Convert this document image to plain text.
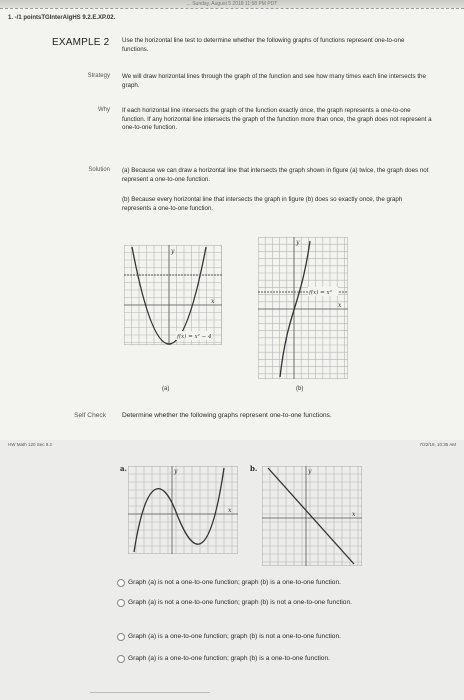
... Sunday, August 5 2018 11:58 PM PDT
1. -/1 pointsTGInterAlgHS 9.2.E.XP.02.
EXAMPLE 2 Use the horizontal line test to determine whether the following graphs of functions represent one-to-one functions.
Strategy We will draw horizontal lines through the graph of the function and see how many times each line intersects the graph.
Why If each horizontal line intersects the graph of the function exactly once, the graph represents a one-to-one function. If any horizontal line intersects the graph of the function more than once, the graph does not represent a one-to-one function.
Solution (a) Because we can draw a horizontal line that intersects the graph shown in figure (a) twice, the graph does not represent a one-to-one function.
(b) Because every horizontal line that intersects the graph in figure (b) does so exactly once, the graph represents a one-to-one function.
x
y
f(x) = x² − 4
(a)
x
y
f(x) = x³
(b)
Self Check Determine whether the following graphs represent one-to-one functions.
HW Math 120 Sec 9.2	7/22/18, 10:35 AM
a.
x
y	b.
x
y
Graph (a) is not a one-to-one function; graph (b) is a one-to-one function.
Graph (a) is not a one-to-one function; graph (b) is not a one-to-one function.
Graph (a) is a one-to-one function; graph (b) is not a one-to-one function.
Graph (a) is a one-to-one function; graph (b) is a one-to-one function.
